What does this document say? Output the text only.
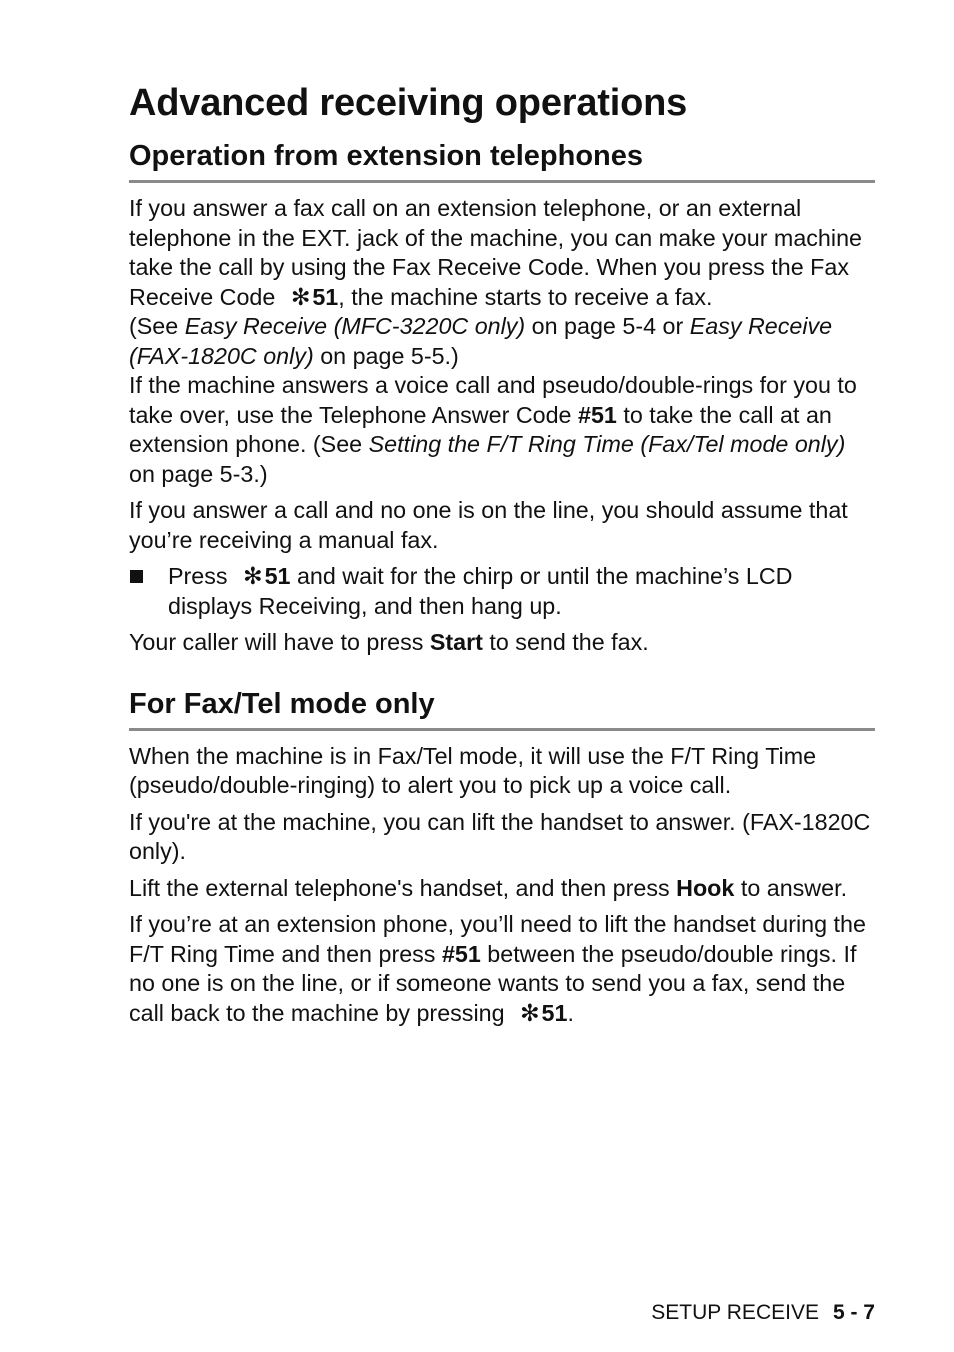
Advanced receiving operations
Operation from extension telephones

If you answer a fax call on an extension telephone, or an external telephone in the EXT. jack of the machine, you can make your machine take the call by using the Fax Receive Code. When you press the Fax Receive Code ✻51, the machine starts to receive a fax.

(See Easy Receive (MFC-3220C only) on page 5-4 or Easy Receive (FAX-1820C only) on page 5-5.)

If the machine answers a voice call and pseudo/double-rings for you to take over, use the Telephone Answer Code #51 to take the call at an extension phone. (See Setting the F/T Ring Time (Fax/Tel mode only) on page 5-3.)

If you answer a call and no one is on the line, you should assume that you’re receiving a manual fax.

Press ✻51 and wait for the chirp or until the machine’s LCD displays Receiving, and then hang up.

Your caller will have to press Start to send the fax.

For Fax/Tel mode only

When the machine is in Fax/Tel mode, it will use the F/T Ring Time (pseudo/double-ringing) to alert you to pick up a voice call.

If you're at the machine, you can lift the handset to answer. (FAX-1820C only).

Lift the external telephone's handset, and then press Hook to answer.

If you’re at an extension phone, you’ll need to lift the handset during the F/T Ring Time and then press #51 between the pseudo/double rings. If no one is on the line, or if someone wants to send you a fax, send the call back to the machine by pressing ✻51.

SETUP RECEIVE 5 - 7
